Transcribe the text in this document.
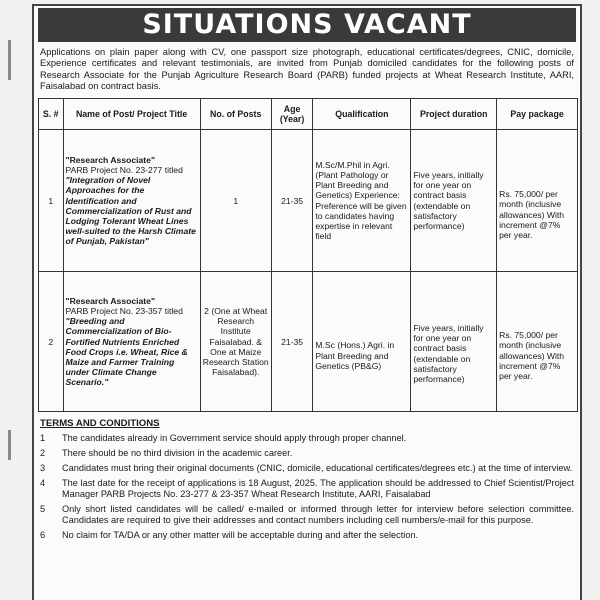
SITUATIONS VACANT
Applications on plain paper along with CV, one passport size photograph, educational certificates/degrees, CNIC, domicile, Experience certificates and relevant testimonials, are invited from Punjab domiciled candidates for the following posts of Research Associate for the Punjab Agriculture Research Board (PARB) funded projects at Wheat Research Institute, AARI, Faisalabad on contract basis.
S. #	Name of Post/ Project Title	No. of Posts	Age (Year)	Qualification	Project duration	Pay package
1	"Research Associate"
PARB Project No. 23-277 titled
"Integration of Novel Approaches for the Identification and Commercialization of Rust and Lodging Tolerant Wheat Lines well-suited to the Harsh Climate of Punjab, Pakistan"	1	21-35	M.Sc/M.Phil in Agri. (Plant Pathology or Plant Breeding and Genetics) Experience: Preference will be given to candidates having expertise in relevant field	Five years, initially for one year on contract basis (extendable on satisfactory performance)	Rs. 75,000/ per month (inclusive allowances) With increment @7% per year.
2	"Research Associate"
PARB Project No. 23-357 titled
"Breeding and Commercialization of Bio- Fortified Nutrients Enriched Food Crops i.e. Wheat, Rice & Maize and Farmer Training under Climate Change Scenario."	2 (One at Wheat Research Institute Faisalabad. & One at Maize Research Station Faisalabad).	21-35	M.Sc (Hons.) Agri. in Plant Breeding and Genetics (PB&G)	Five years, initially for one year on contract basis (extendable on satisfactory performance)	Rs. 75,000/ per month (inclusive allowances) With increment @7% per year.
TERMS AND CONDITIONS
1	The candidates already in Government service should apply through proper channel.
2	There should be no third division in the academic career.
3	Candidates must bring their original documents (CNIC, domicile, educational certificates/degrees etc.) at the time of interview.
4	The last date for the receipt of applications is 18 August, 2025. The application should be addressed to Chief Scientist/Project Manager PARB Projects No. 23-277 & 23-357 Wheat Research Institute, AARI, Faisalabad
5	Only short listed candidates will be called/ e-mailed or informed through letter for interview before selection committee. Candidates are required to give their addresses and contact numbers including cell numbers/e-mail for this purpose.
6	No claim for TA/DA or any other matter will be acceptable during and after the selection.
